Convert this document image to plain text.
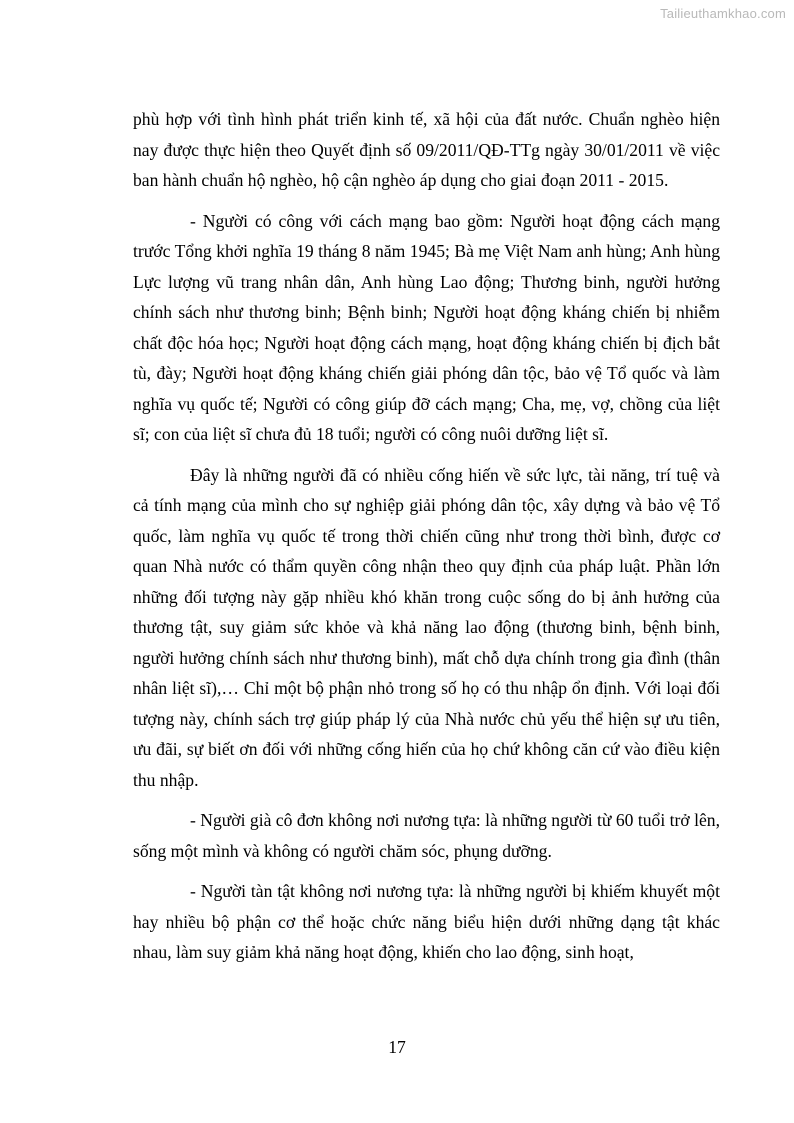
Tailieuthamkhao.com

phù hợp với tình hình phát triển kinh tế, xã hội của đất nước. Chuẩn nghèo hiện nay được thực hiện theo Quyết định số 09/2011/QĐ-TTg ngày 30/01/2011 về việc ban hành chuẩn hộ nghèo, hộ cận nghèo áp dụng cho giai đoạn 2011 - 2015.

- Người có công với cách mạng bao gồm: Người hoạt động cách mạng trước Tổng khởi nghĩa 19 tháng 8 năm 1945; Bà mẹ Việt Nam anh hùng; Anh hùng Lực lượng vũ trang nhân dân, Anh hùng Lao động; Thương binh, người hưởng chính sách như thương binh; Bệnh binh; Người hoạt động kháng chiến bị nhiễm chất độc hóa học; Người hoạt động cách mạng, hoạt động kháng chiến bị địch bắt tù, đày; Người hoạt động kháng chiến giải phóng dân tộc, bảo vệ Tổ quốc và làm nghĩa vụ quốc tế; Người có công giúp đỡ cách mạng; Cha, mẹ, vợ, chồng của liệt sĩ; con của liệt sĩ chưa đủ 18 tuổi; người có công nuôi dưỡng liệt sĩ.

Đây là những người đã có nhiều cống hiến về sức lực, tài năng, trí tuệ và cả tính mạng của mình cho sự nghiệp giải phóng dân tộc, xây dựng và bảo vệ Tổ quốc, làm nghĩa vụ quốc tế trong thời chiến cũng như trong thời bình, được cơ quan Nhà nước có thẩm quyền công nhận theo quy định của pháp luật. Phần lớn những đối tượng này gặp nhiều khó khăn trong cuộc sống do bị ảnh hưởng của thương tật, suy giảm sức khỏe và khả năng lao động (thương binh, bệnh binh, người hưởng chính sách như thương binh), mất chỗ dựa chính trong gia đình (thân nhân liệt sĩ),… Chỉ một bộ phận nhỏ trong số họ có thu nhập ổn định. Với loại đối tượng này, chính sách trợ giúp pháp lý của Nhà nước chủ yếu thể hiện sự ưu tiên, ưu đãi, sự biết ơn đối với những cống hiến của họ chứ không căn cứ vào điều kiện thu nhập.

- Người già cô đơn không nơi nương tựa: là những người từ 60 tuổi trở lên, sống một mình và không có người chăm sóc, phụng dưỡng.

- Người tàn tật không nơi nương tựa: là những người bị khiếm khuyết một hay nhiều bộ phận cơ thể hoặc chức năng biểu hiện dưới những dạng tật khác nhau, làm suy giảm khả năng hoạt động, khiến cho lao động, sinh hoạt,

17
